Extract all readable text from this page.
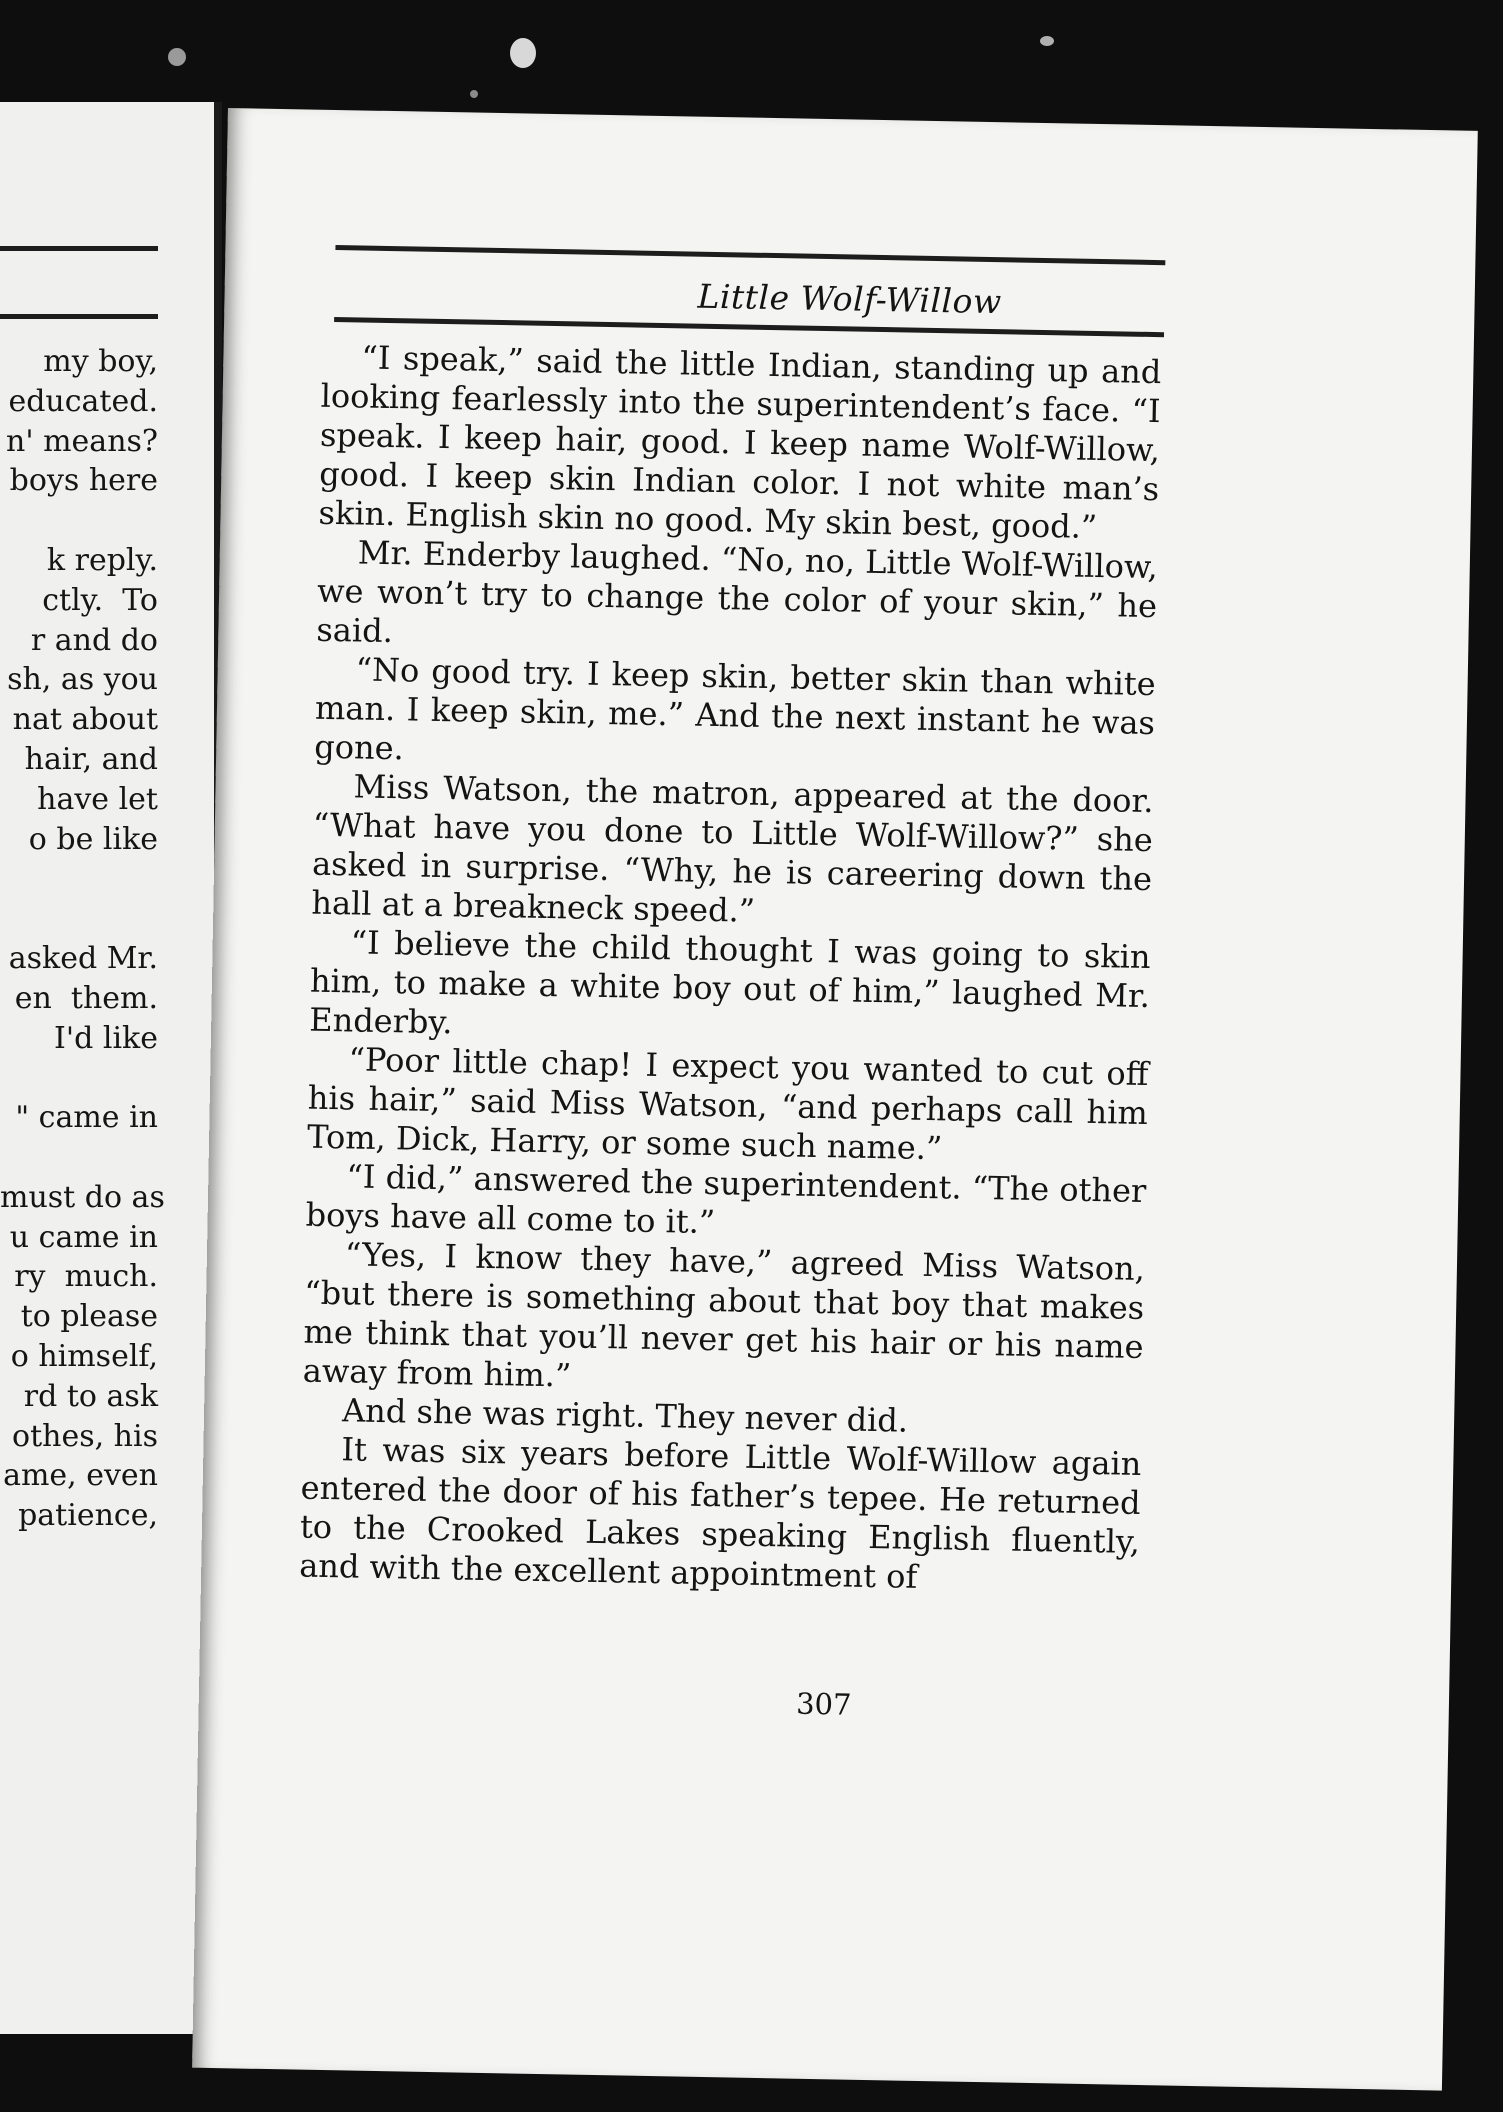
my boy,
educated.
n' means?
boys here

k reply.
ctly.  To
r and do
sh, as you
nat about
hair, and
have let
o be like

asked Mr.
en  them.
I'd like

" came in

must do as
u came in
ry  much.
to please
o himself,
rd to ask
othes, his
ame, even
patience,
Little Wolf-Willow

“I speak,” said the little Indian, standing up and looking fearlessly into the superintendent’s face. “I speak. I keep hair, good. I keep name Wolf-Willow, good. I keep skin Indian color. I not white man’s skin. English skin no good. My skin best, good.”

Mr. Enderby laughed. “No, no, Little Wolf-Willow, we won’t try to change the color of your skin,” he said.

“No good try. I keep skin, better skin than white man. I keep skin, me.” And the next instant he was gone.

Miss Watson, the matron, appeared at the door. “What have you done to Little Wolf-Willow?” she asked in surprise. “Why, he is careering down the hall at a breakneck speed.”

“I believe the child thought I was going to skin him, to make a white boy out of him,” laughed Mr. Enderby.

“Poor little chap! I expect you wanted to cut off his hair,” said Miss Watson, “and perhaps call him Tom, Dick, Harry, or some such name.”

“I did,” answered the superintendent. “The other boys have all come to it.”

“Yes, I know they have,” agreed Miss Watson, “but there is something about that boy that makes me think that you’ll never get his hair or his name away from him.”

And she was right. They never did.

It was six years before Little Wolf-Willow again entered the door of his father’s tepee. He returned to the Crooked Lakes speaking English fluently, and with the excellent appointment of

307
